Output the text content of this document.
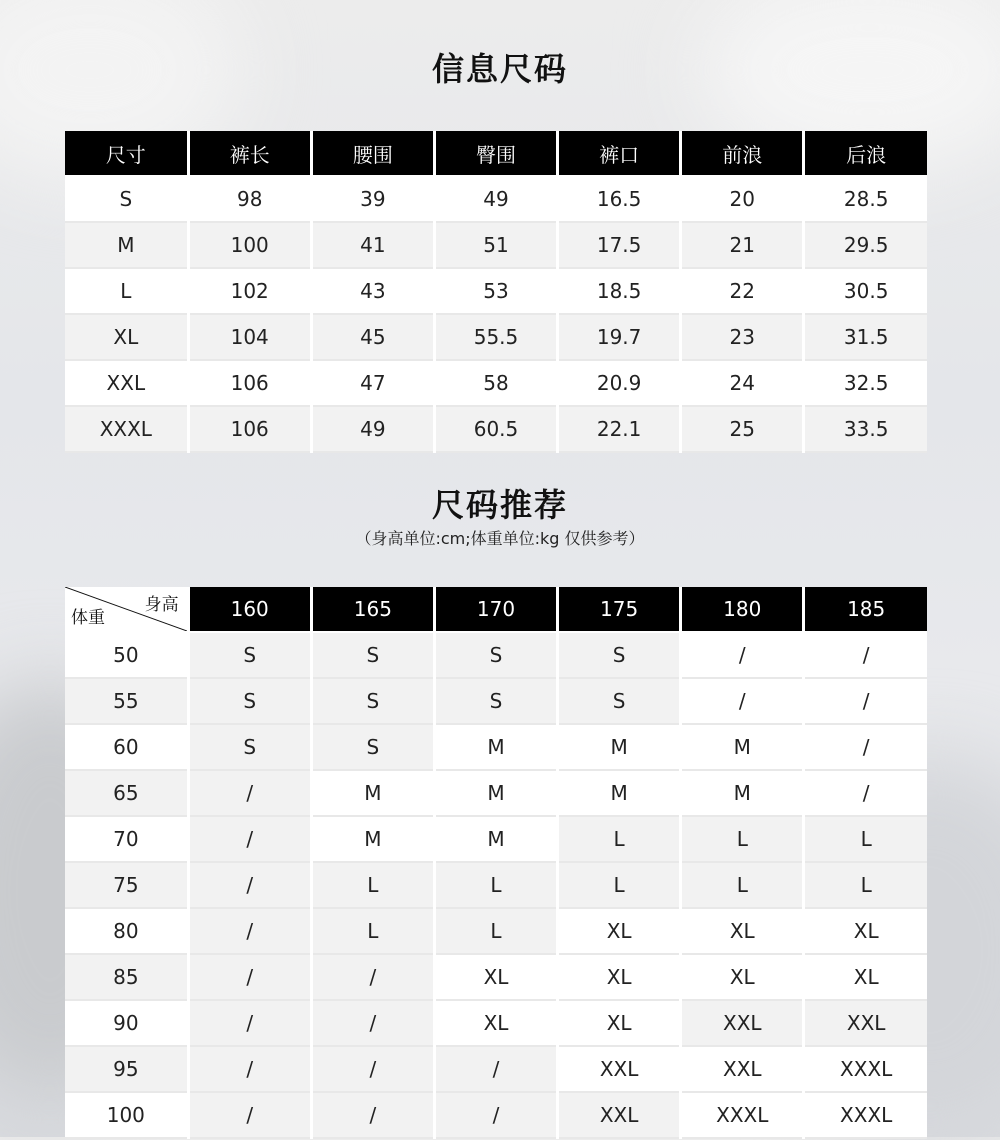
信息尺码
尺寸	裤长	腰围	臀围	裤口	前浪	后浪
S	98	39	49	16.5	20	28.5
M	100	41	51	17.5	21	29.5
L	102	43	53	18.5	22	30.5
XL	104	45	55.5	19.7	23	31.5
XXL	106	47	58	20.9	24	32.5
XXXL	106	49	60.5	22.1	25	33.5
尺码推荐
（身高单位:cm;体重单位:kg 仅供参考）
身高
体重	160	165	170	175	180	185
50	S	S	S	S	/	/
55	S	S	S	S	/	/
60	S	S	M	M	M	/
65	/	M	M	M	M	/
70	/	M	M	L	L	L
75	/	L	L	L	L	L
80	/	L	L	XL	XL	XL
85	/	/	XL	XL	XL	XL
90	/	/	XL	XL	XXL	XXL
95	/	/	/	XXL	XXL	XXXL
100	/	/	/	XXL	XXXL	XXXL
